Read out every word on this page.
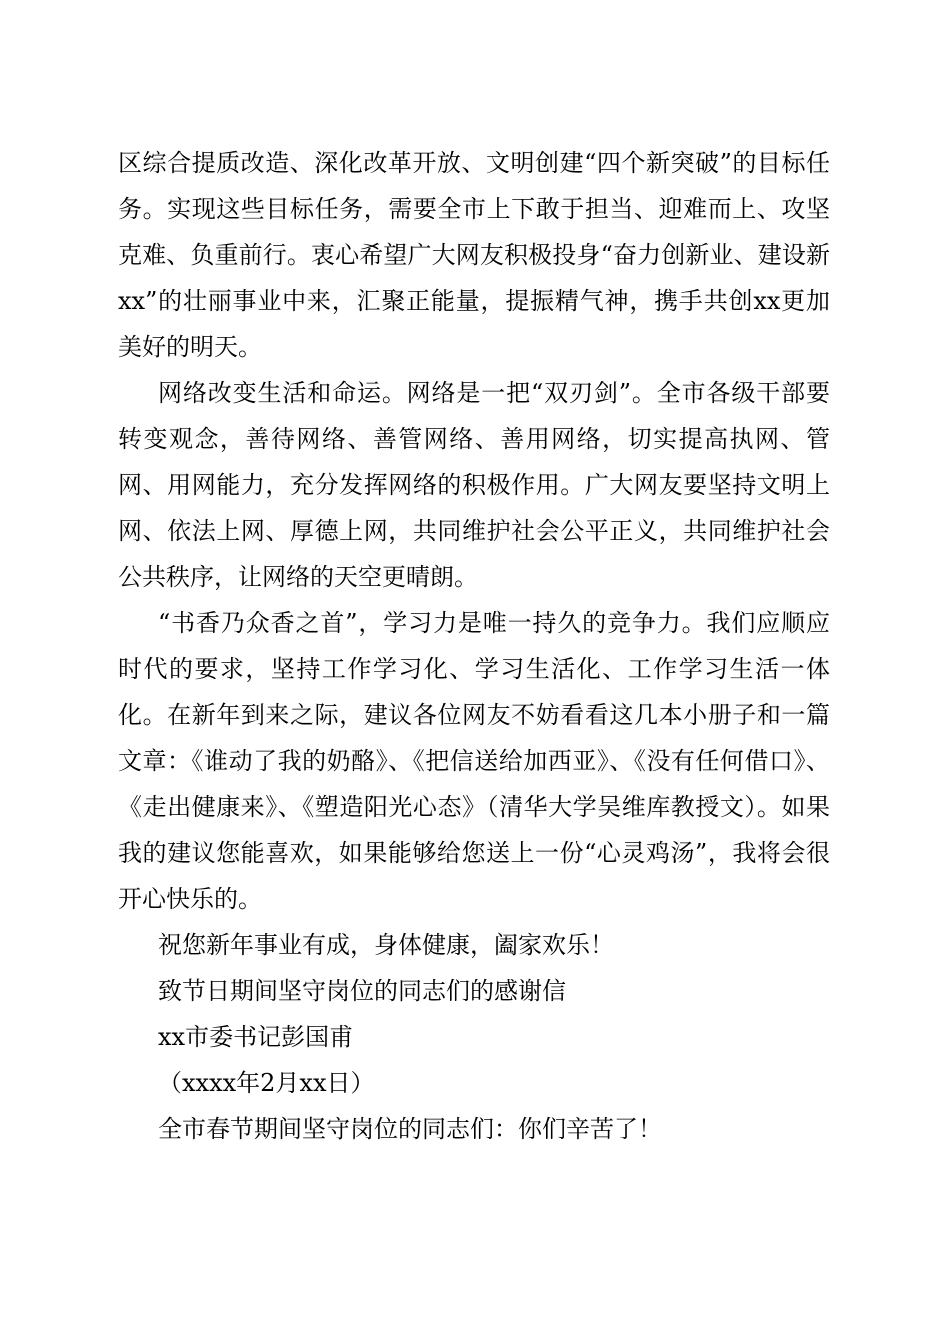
区综合提质改造、深化改革开放、文明创建“四个新突破”的目标任务。实现这些目标任务，需要全市上下敢于担当、迎难而上、攻坚克难、负重前行。衷心希望广大网友积极投身“奋力创新业、建设新xx”的壮丽事业中来，汇聚正能量，提振精气神，携手共创xx更加美好的明天。

网络改变生活和命运。网络是一把“双刃剑”。全市各级干部要转变观念，善待网络、善管网络、善用网络，切实提高执网、管网、用网能力，充分发挥网络的积极作用。广大网友要坚持文明上网、依法上网、厚德上网，共同维护社会公平正义，共同维护社会公共秩序，让网络的天空更晴朗。

“书香乃众香之首”，学习力是唯一持久的竞争力。我们应顺应时代的要求，坚持工作学习化、学习生活化、工作学习生活一体化。在新年到来之际，建议各位网友不妨看看这几本小册子和一篇文章：《谁动了我的奶酪》、《把信送给加西亚》、《没有任何借口》、《走出健康来》、《塑造阳光心态》（清华大学吴维库教授文）。如果我的建议您能喜欢，如果能够给您送上一份“心灵鸡汤”，我将会很开心快乐的。

祝您新年事业有成，身体健康，阖家欢乐！

致节日期间坚守岗位的同志们的感谢信

xx市委书记彭国甫

（xxxx年2月xx日）

全市春节期间坚守岗位的同志们：你们辛苦了！
